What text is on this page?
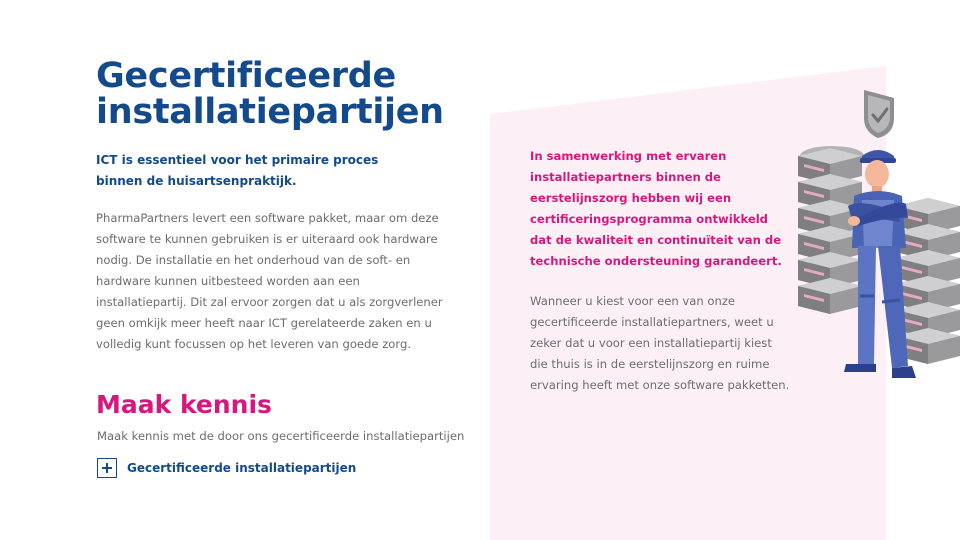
Gecertificeerde installatiepartijen

ICT is essentieel voor het primaire proces binnen de huisartsenpraktijk.

PharmaPartners levert een software pakket, maar om deze software te kunnen gebruiken is er uiteraard ook hardware nodig. De installatie en het onderhoud van de soft- en hardware kunnen uitbesteed worden aan een installatiepartij. Dit zal ervoor zorgen dat u als zorgverlener geen omkijk meer heeft naar ICT gerelateerde zaken en u volledig kunt focussen op het leveren van goede zorg.

Maak kennis

Maak kennis met de door ons gecertificeerde installatiepartijen

Gecertificeerde installatiepartijen

In samenwerking met ervaren installatiepartners binnen de eerstelijnszorg hebben wij een certificeringsprogramma ontwikkeld dat de kwaliteit en continuïteit van de technische ondersteuning garandeert.

Wanneer u kiest voor een van onze gecertificeerde installatiepartners, weet u zeker dat u voor een installatiepartij kiest die thuis is in de eerstelijnszorg en ruime ervaring heeft met onze software pakketten.
